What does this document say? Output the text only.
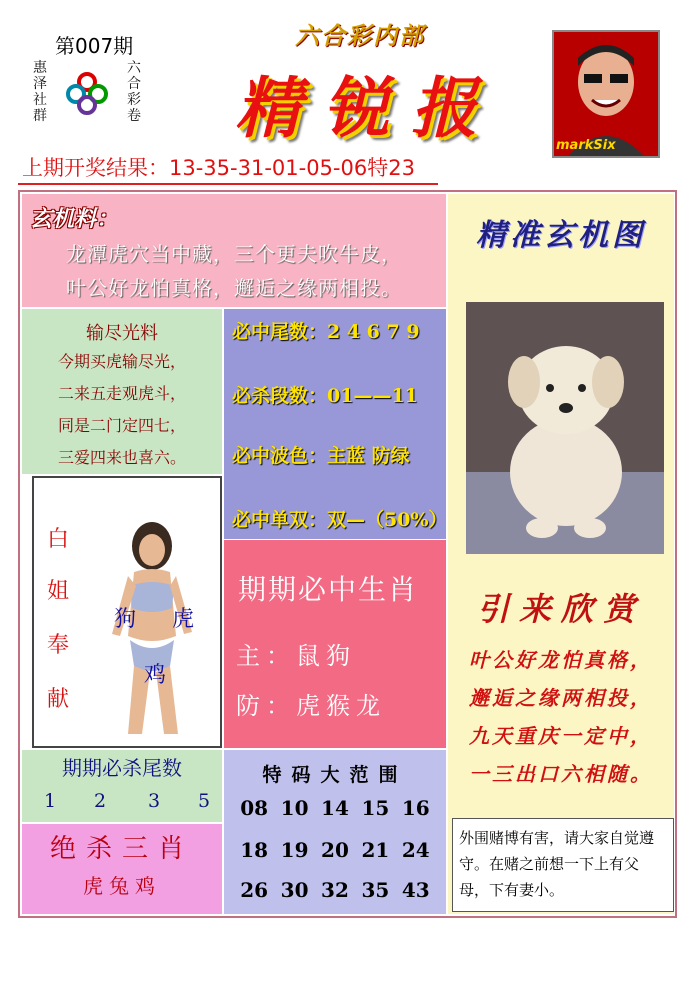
第007期
惠泽社群
六合彩卷
六合彩内部
精锐报	markSix
上期开奖结果：13-35-31-01-05-06特23
玄机料：
龙潭虎穴当中藏，三个更夫吹牛皮，
叶公好龙怕真格，邂逅之缘两相投。
输尽光料
今期买虎输尽光，
二来五走观虎斗，
同是二门定四七，
三爱四来也喜六。
必中尾数：2 4 6 7 9
必杀段数：01——11
必中波色：主蓝 防绿
必中单双：双—（50%）
白
姐
奉
献
狗 虎
鸡
期期必中生肖
主：鼠狗
防：虎猴龙
期期必杀尾数
1 2 3 5
绝杀三肖
虎兔鸡
特码大范围
08 10 14 15 16
18 19 20 21 24
26 30 32 35 43
精准玄机图
引来欣赏
叶公好龙怕真格，
邂逅之缘两相投，
九天重庆一定中，
一三出口六相随。
外围赌博有害，请大家自觉遵守。在赌之前想一下上有父母，下有妻小。
